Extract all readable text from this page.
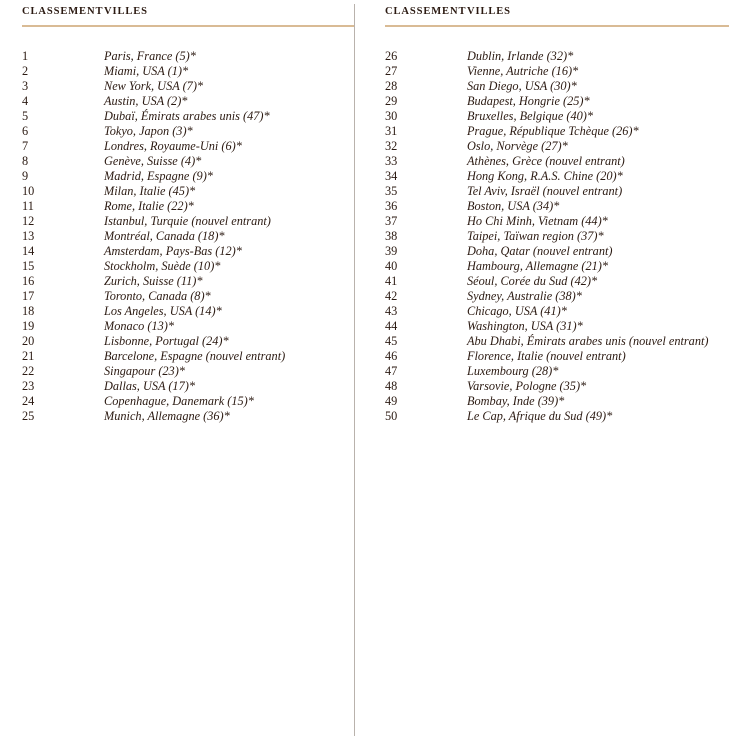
CLASSEMENT	VILLES

1	Paris, France (5)*
2	Miami, USA (1)*
3	New York, USA (7)*
4	Austin, USA (2)*
5	Dubaï, Émirats arabes unis (47)*
6	Tokyo, Japon (3)*
7	Londres, Royaume-Uni (6)*
8	Genève, Suisse (4)*
9	Madrid, Espagne (9)*
10	Milan, Italie (45)*
11	Rome, Italie (22)*
12	Istanbul, Turquie (nouvel entrant)
13	Montréal, Canada (18)*
14	Amsterdam, Pays-Bas (12)*
15	Stockholm, Suède (10)*
16	Zurich, Suisse (11)*
17	Toronto, Canada (8)*
18	Los Angeles, USA (14)*
19	Monaco (13)*
20	Lisbonne, Portugal (24)*
21	Barcelone, Espagne (nouvel entrant)
22	Singapour (23)*
23	Dallas, USA (17)*
24	Copenhague, Danemark (15)*
25	Munich, Allemagne (36)*
CLASSEMENT	VILLES

26	Dublin, Irlande (32)*
27	Vienne, Autriche (16)*
28	San Diego, USA (30)*
29	Budapest, Hongrie (25)*
30	Bruxelles, Belgique (40)*
31	Prague, République Tchèque (26)*
32	Oslo, Norvège (27)*
33	Athènes, Grèce (nouvel entrant)
34	Hong Kong, R.A.S. Chine (20)*
35	Tel Aviv, Israël (nouvel entrant)
36	Boston, USA (34)*
37	Ho Chi Minh, Vietnam (44)*
38	Taipei, Taïwan region (37)*
39	Doha, Qatar (nouvel entrant)
40	Hambourg, Allemagne (21)*
41	Séoul, Corée du Sud (42)*
42	Sydney, Australie (38)*
43	Chicago, USA (41)*
44	Washington, USA (31)*
45	Abu Dhabi, Émirats arabes unis (nouvel entrant)
46	Florence, Italie (nouvel entrant)
47	Luxembourg (28)*
48	Varsovie, Pologne (35)*
49	Bombay, Inde (39)*
50	Le Cap, Afrique du Sud (49)*
